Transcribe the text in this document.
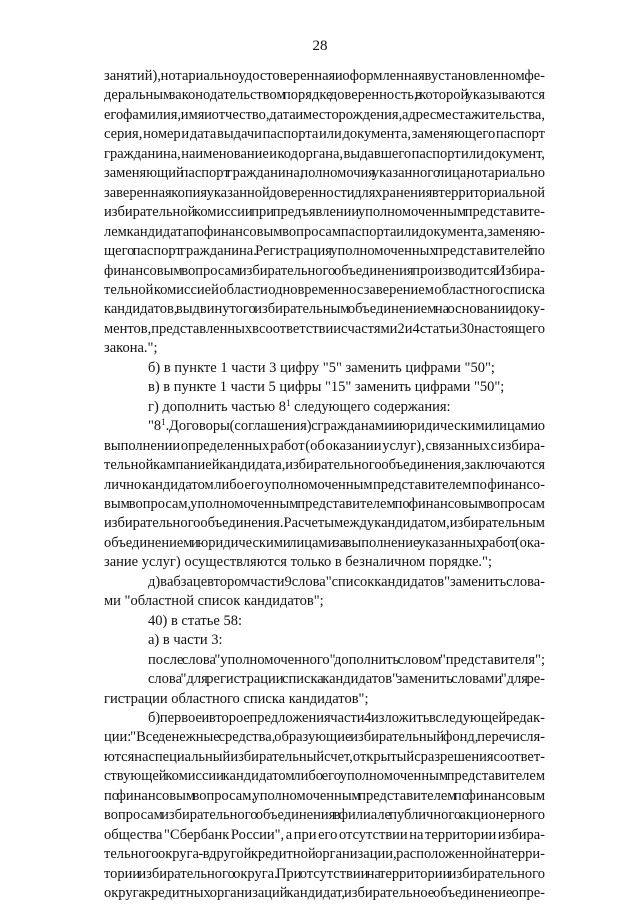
28
занятий), нотариально удостоверенная и оформленная в установленном фе-
деральным законодательством порядке доверенность, в которой указываются
его фамилия, имя и отчество, дата и место рождения, адрес места жительства,
серия, номер и дата выдачи паспорта или документа, заменяющего паспорт
гражданина, наименование и код органа, выдавшего паспорт или документ,
заменяющий паспорт гражданина, полномочия указанного лица, нотариально
заверенная копия указанной доверенности для хранения в территориальной
избирательной комиссии при предъявлении уполномоченным представите-
лем кандидата по финансовым вопросам паспорта или документа, заменяю-
щего паспорт гражданина. Регистрация уполномоченных представителей по
финансовым вопросам избирательного объединения производится Избира-
тельной комиссией области одновременно с заверением областного списка
кандидатов, выдвинутого избирательным объединением на основании доку-
ментов, представленных в соответствии с частями 2 и 4 статьи 30 настоящего
закона.";
б) в пункте 1 части 3 цифру "5" заменить цифрами "50";
в) в пункте 1 части 5 цифры "15" заменить цифрами "50";
г) дополнить частью $8^1$ следующего содержания:
"$8^1$. Договоры (соглашения) с гражданами и юридическими лицами о
выполнении определенных работ (об оказании услуг), связанных с избира-
тельной кампанией кандидата, избирательного объединения, заключаются
лично кандидатом либо его уполномоченным представителем по финансо-
вым вопросам, уполномоченным представителем по финансовым вопросам
избирательного объединения. Расчеты между кандидатом, избирательным
объединением и юридическими лицами за выполнение указанных работ (ока-
зание услуг) осуществляются только в безналичном порядке.";
д) в абзаце втором части 9 слова "список кандидатов" заменить слова-
ми "областной список кандидатов";
40) в статье 58:
а) в части 3:
после слова "уполномоченного" дополнить словом "представителя";
слова "для регистрации списка кандидатов" заменить словами "для ре-
гистрации областного списка кандидатов";
б) первое и второе предложения части 4 изложить в следующей редак-
ции: "Все денежные средства, образующие избирательный фонд, перечисля-
ются на специальный избирательный счет, открытый с разрешения соответ-
ствующей комиссии кандидатом либо его уполномоченным представителем
по финансовым вопросам, уполномоченным представителем по финансовым
вопросам избирательного объединения в филиале публичного акционерного
общества "Сбербанк России", а при его отсутствии на территории избира-
тельного округа - в другой кредитной организации, расположенной на терри-
тории избирательного округа. При отсутствии на территории избирательного
округа кредитных организаций кандидат, избирательное объединение опре-
